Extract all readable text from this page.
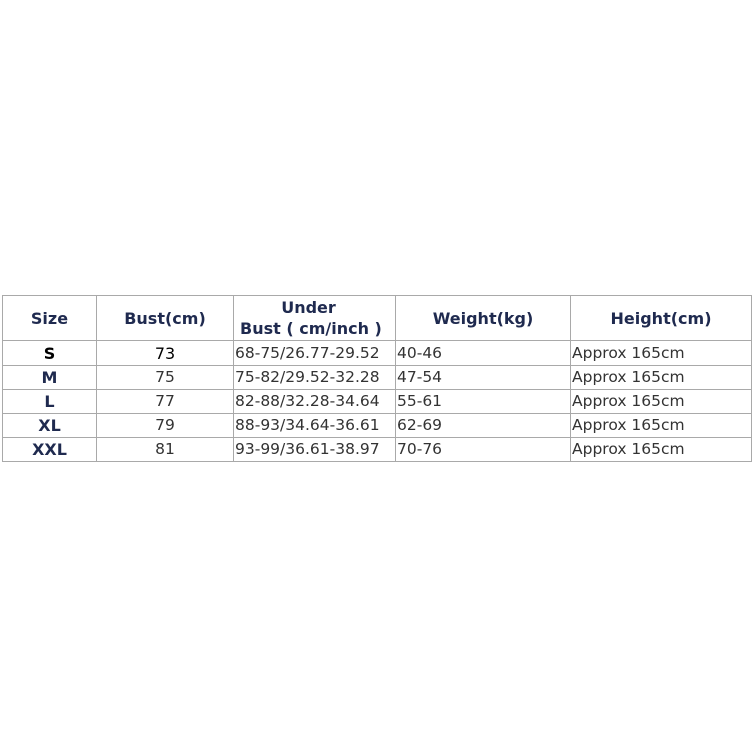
Size	Bust(cm)	Under
Bust ( cm/inch )	Weight(kg)	Height(cm)
S	73	68-75/26.77-29.52	40-46	Approx 165cm
M	75	75-82/29.52-32.28	47-54	Approx 165cm
L	77	82-88/32.28-34.64	55-61	Approx 165cm
XL	79	88-93/34.64-36.61	62-69	Approx 165cm
XXL	81	93-99/36.61-38.97	70-76	Approx 165cm
